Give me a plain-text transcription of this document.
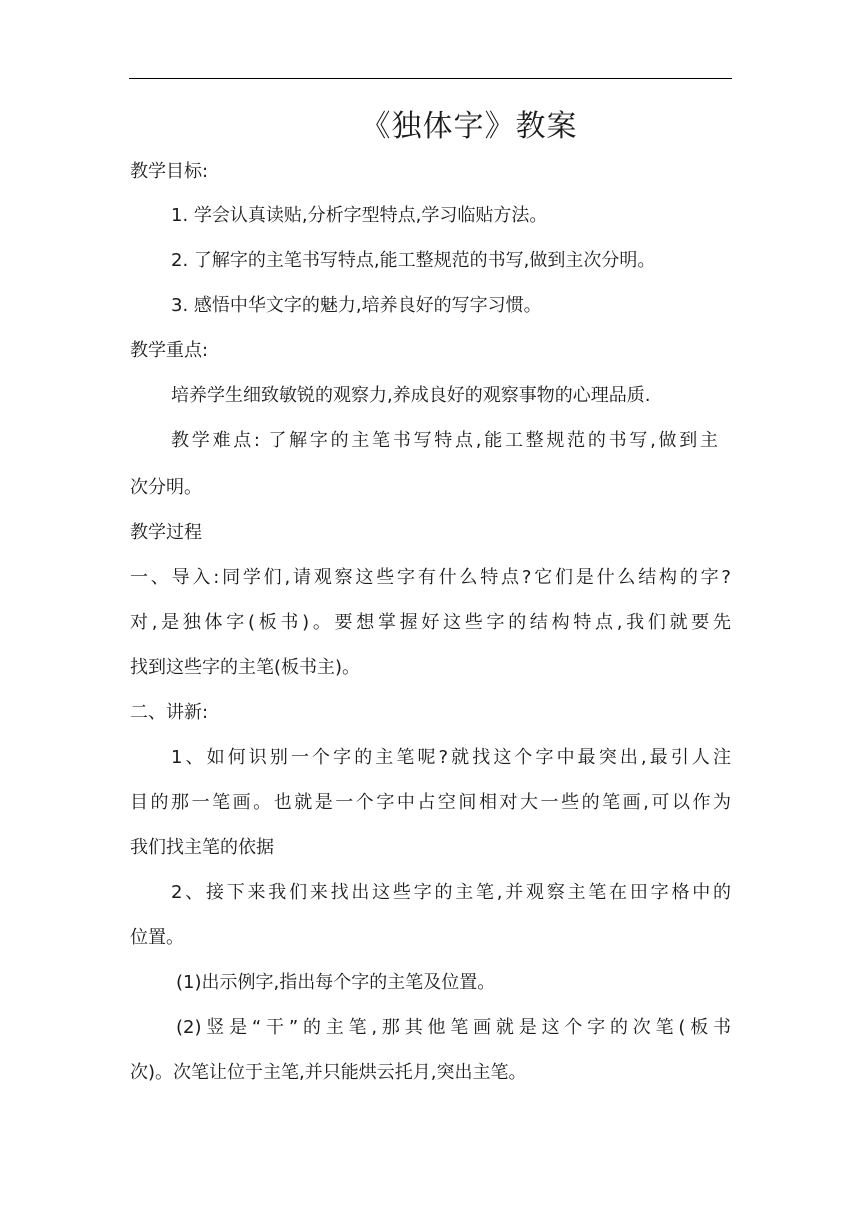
《独体字》教案
教学目标:
1. 学会认真读贴,分析字型特点,学习临贴方法。
2. 了解字的主笔书写特点,能工整规范的书写,做到主次分明。
3. 感悟中华文字的魅力,培养良好的写字习惯。
教学重点:
培养学生细致敏锐的观察力,养成良好的观察事物的心理品质.
教学难点: 了解字的主笔书写特点,能工整规范的书写,做到主
次分明。
教学过程
一、导入:同学们,请观察这些字有什么特点?它们是什么结构的字?
对,是独体字(板书)。要想掌握好这些字的结构特点,我们就要先
找到这些字的主笔(板书主)。
二、讲新:
1、如何识别一个字的主笔呢?就找这个字中最突出,最引人注
目的那一笔画。也就是一个字中占空间相对大一些的笔画,可以作为
我们找主笔的依据
2、接下来我们来找出这些字的主笔,并观察主笔在田字格中的
位置。
(1)出示例字,指出每个字的主笔及位置。
(2)竖是“干”的主笔,那其他笔画就是这个字的次笔(板书
次)。次笔让位于主笔,并只能烘云托月,突出主笔。
